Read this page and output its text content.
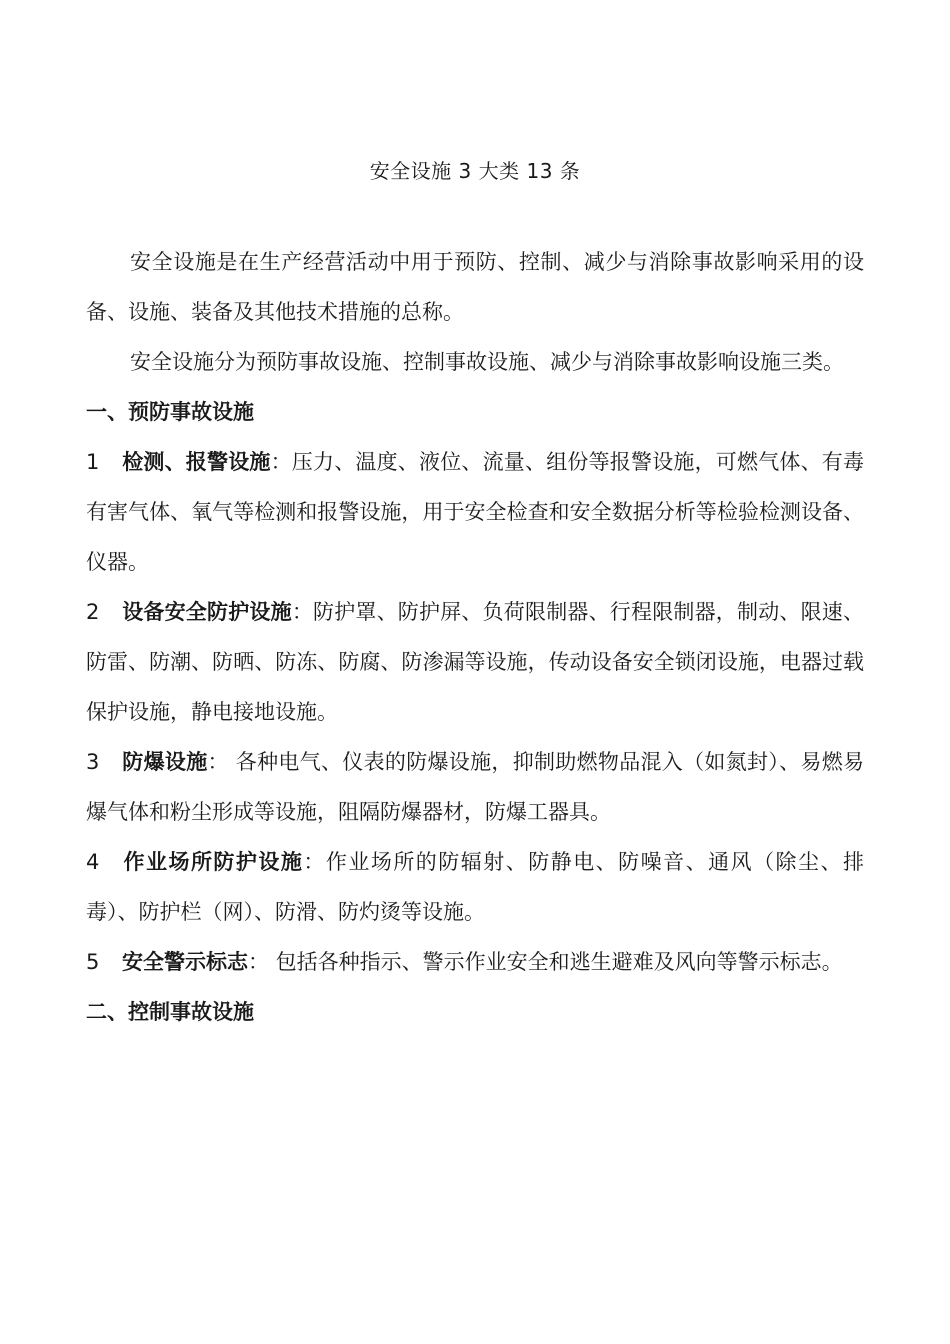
安全设施 3 大类 13 条

安全设施是在生产经营活动中用于预防、控制、减少与消除事故影响采用的设备、设施、装备及其他技术措施的总称。

安全设施分为预防事故设施、控制事故设施、减少与消除事故影响设施三类。

一、预防事故设施

1 检测、报警设施：压力、温度、液位、流量、组份等报警设施，可燃气体、有毒有害气体、氧气等检测和报警设施，用于安全检查和安全数据分析等检验检测设备、仪器。

2 设备安全防护设施：防护罩、防护屏、负荷限制器、行程限制器，制动、限速、防雷、防潮、防晒、防冻、防腐、防渗漏等设施，传动设备安全锁闭设施，电器过载保护设施，静电接地设施。

3 防爆设施： 各种电气、仪表的防爆设施，抑制助燃物品混入（如氮封）、易燃易爆气体和粉尘形成等设施，阻隔防爆器材，防爆工器具。

4 作业场所防护设施：作业场所的防辐射、防静电、防噪音、通风（除尘、排毒）、防护栏（网）、防滑、防灼烫等设施。

5 安全警示标志： 包括各种指示、警示作业安全和逃生避难及风向等警示标志。

二、控制事故设施
